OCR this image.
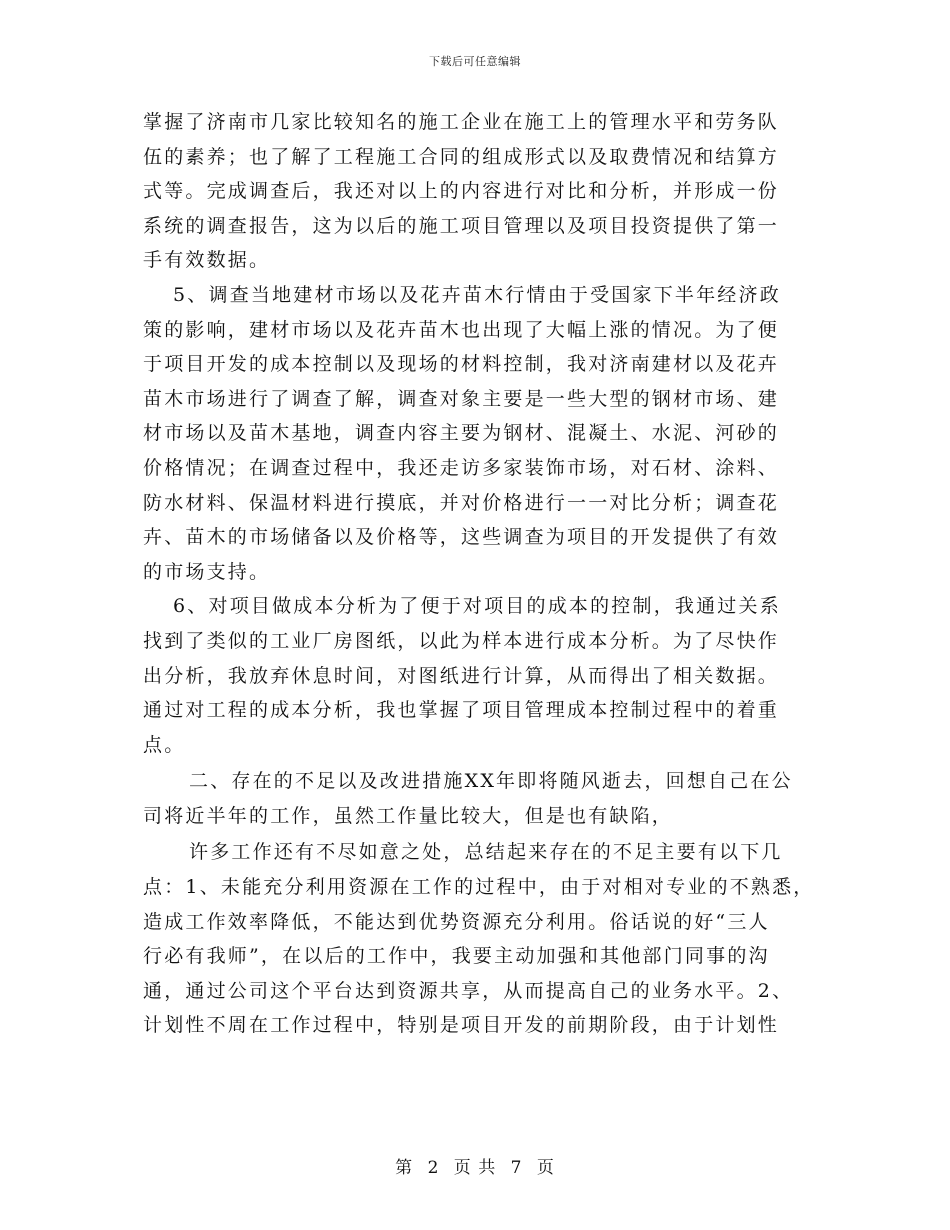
下载后可任意编辑
掌握了济南市几家比较知名的施工企业在施工上的管理水平和劳务队
伍的素养；也了解了工程施工合同的组成形式以及取费情况和结算方
式等。完成调查后，我还对以上的内容进行对比和分析，并形成一份
系统的调查报告，这为以后的施工项目管理以及项目投资提供了第一
手有效数据。
5、调查当地建材市场以及花卉苗木行情由于受国家下半年经济政
策的影响，建材市场以及花卉苗木也出现了大幅上涨的情况。为了便
于项目开发的成本控制以及现场的材料控制，我对济南建材以及花卉
苗木市场进行了调查了解，调查对象主要是一些大型的钢材市场、建
材市场以及苗木基地，调查内容主要为钢材、混凝土、水泥、河砂的
价格情况；在调查过程中，我还走访多家装饰市场，对石材、涂料、
防水材料、保温材料进行摸底，并对价格进行一一对比分析；调查花
卉、苗木的市场储备以及价格等，这些调查为项目的开发提供了有效
的市场支持。
6、对项目做成本分析为了便于对项目的成本的控制，我通过关系
找到了类似的工业厂房图纸，以此为样本进行成本分析。为了尽快作
出分析，我放弃休息时间，对图纸进行计算，从而得出了相关数据。
通过对工程的成本分析，我也掌握了项目管理成本控制过程中的着重
点。
二、存在的不足以及改进措施XX年即将随风逝去，回想自己在公
司将近半年的工作，虽然工作量比较大，但是也有缺陷，
许多工作还有不尽如意之处，总结起来存在的不足主要有以下几
点：1、未能充分利用资源在工作的过程中，由于对相对专业的不熟悉，
造成工作效率降低，不能达到优势资源充分利用。俗话说的好“三人
行必有我师”，在以后的工作中，我要主动加强和其他部门同事的沟
通，通过公司这个平台达到资源共享，从而提高自己的业务水平。2、
计划性不周在工作过程中，特别是项目开发的前期阶段，由于计划性
第 2 页 共 7 页
